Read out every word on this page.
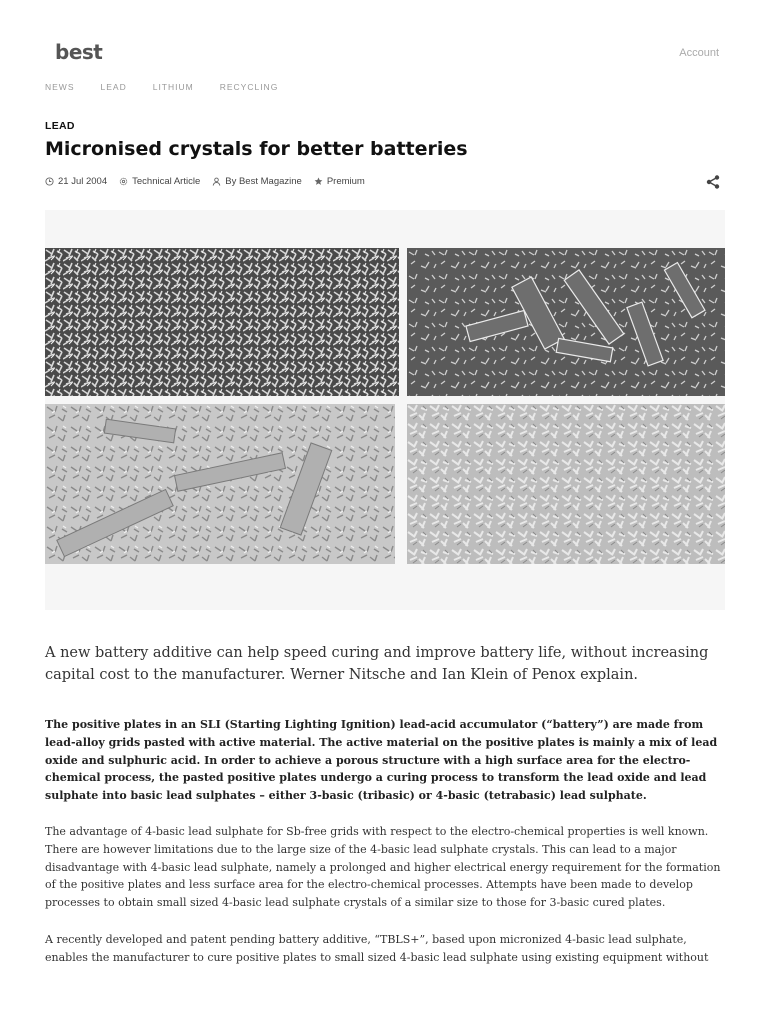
best	Account
NEWS	LEAD	LITHIUM	RECYCLING
LEAD
Micronised crystals for better batteries
21 Jul 2004	Technical Article	By Best Magazine	Premium

A new battery additive can help speed curing and improve battery life, without increasing capital cost to the manufacturer. Werner Nitsche and Ian Klein of Penox explain.

The positive plates in an SLI (Starting Lighting Ignition) lead-acid accumulator (“battery”) are made from lead-alloy grids pasted with active material. The active material on the positive plates is mainly a mix of lead oxide and sulphuric acid. In order to achieve a porous structure with a high surface area for the electro-chemical process, the pasted positive plates undergo a curing process to transform the lead oxide and lead sulphate into basic lead sulphates – either 3-basic (tribasic) or 4-basic (tetrabasic) lead sulphate.

The advantage of 4-basic lead sulphate for Sb-free grids with respect to the electro-chemical properties is well known. There are however limitations due to the large size of the 4-basic lead sulphate crystals. This can lead to a major disadvantage with 4-basic lead sulphate, namely a prolonged and higher electrical energy requirement for the formation of the positive plates and less surface area for the electro-chemical processes. Attempts have been made to develop processes to obtain small sized 4-basic lead sulphate crystals of a similar size to those for 3-basic cured plates.

A recently developed and patent pending battery additive, “TBLS+”, based upon micronized 4-basic lead sulphate, enables the manufacturer to cure positive plates to small sized 4-basic lead sulphate using existing equipment without
